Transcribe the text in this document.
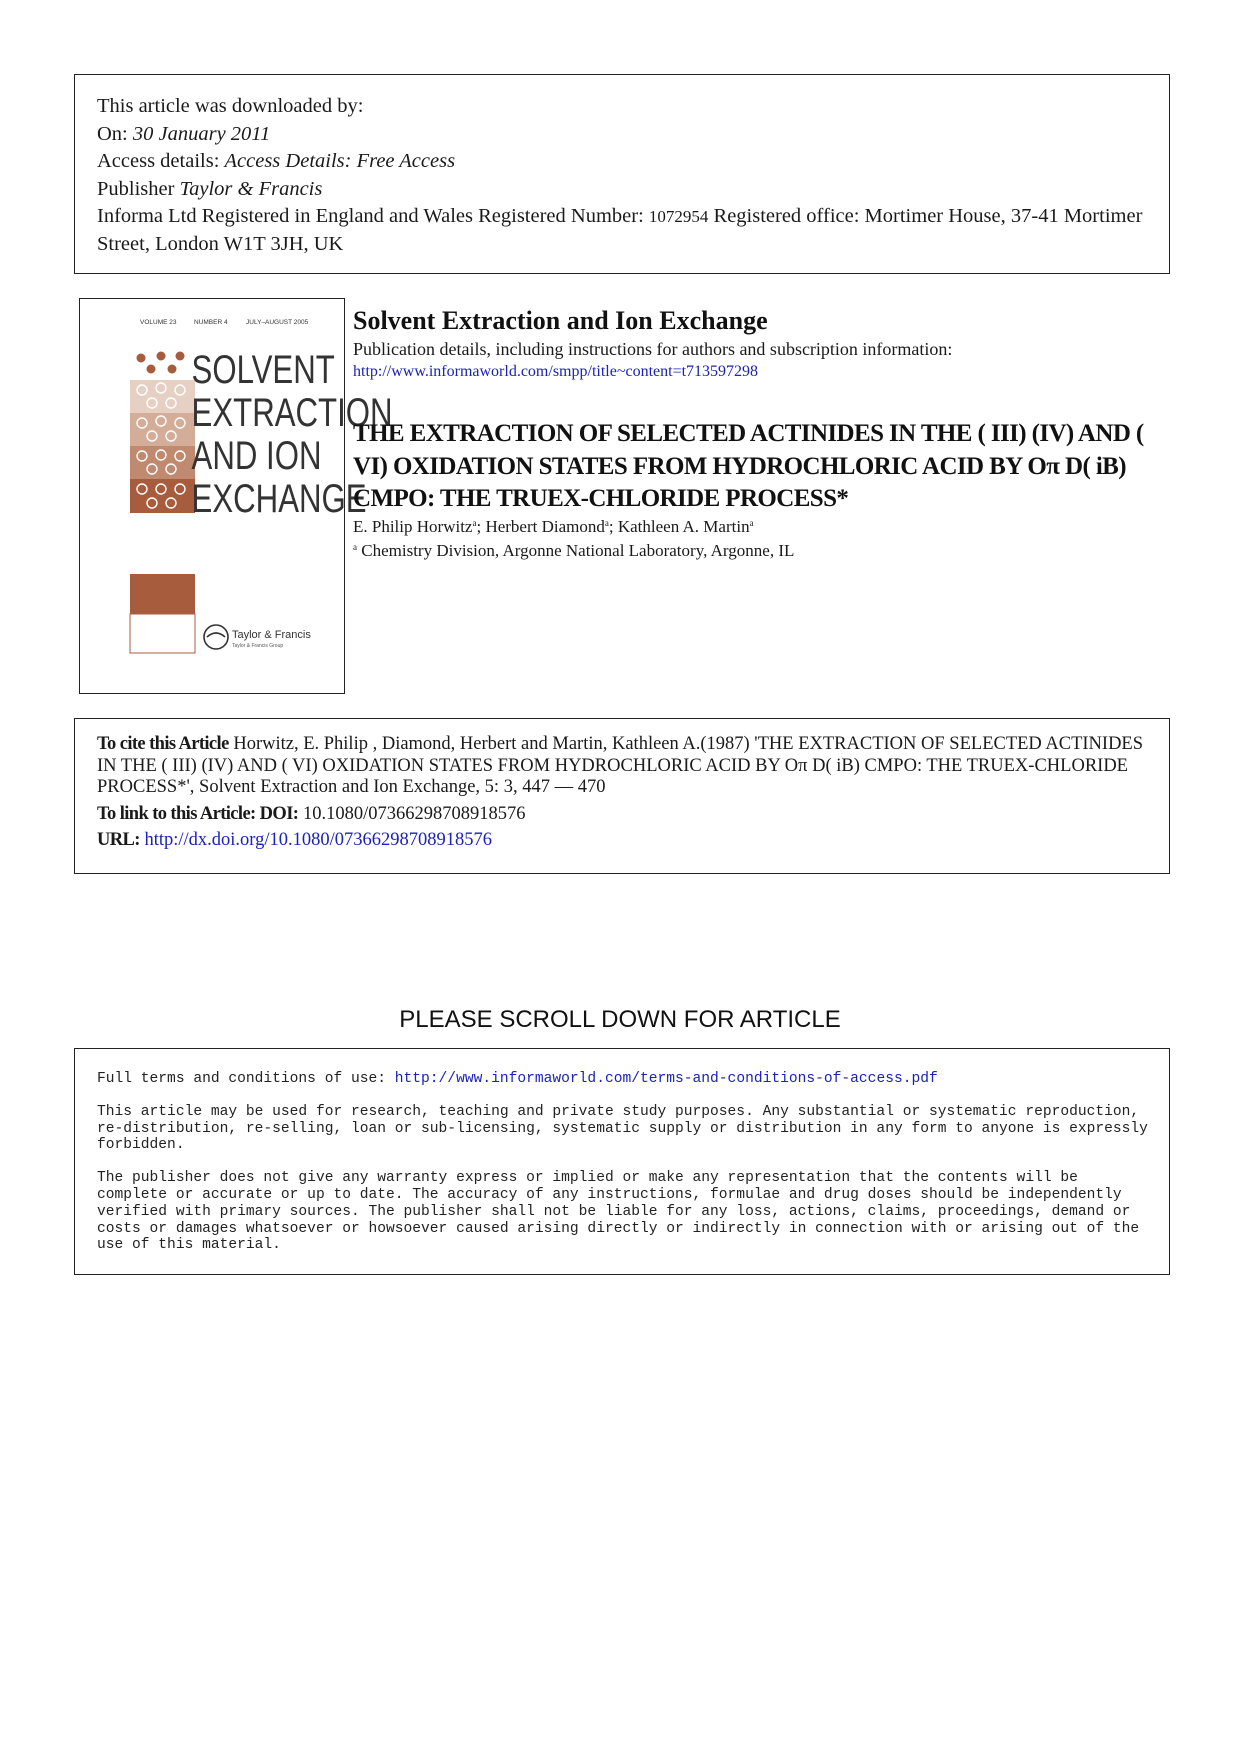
This article was downloaded by:
On: 30 January 2011
Access details: Access Details: Free Access
Publisher Taylor & Francis
Informa Ltd Registered in England and Wales Registered Number: 1072954 Registered office: Mortimer House, 37-41 Mortimer Street, London W1T 3JH, UK
VOLUME 23	NUMBER 4	JULY–AUGUST 2005
SOLVENT
EXTRACTION
AND ION
EXCHANGE
Taylor & Francis
Taylor & Francis Group
Solvent Extraction and Ion Exchange
Publication details, including instructions for authors and subscription information:
http://www.informaworld.com/smpp/title~content=t713597298
THE EXTRACTION OF SELECTED ACTINIDES IN THE ( III) (IV) AND ( VI) OXIDATION STATES FROM HYDROCHLORIC ACID BY Oπ D( iB) CMPO: THE TRUEX-CHLORIDE PROCESS*
E. Philip Horwitz$^a$; Herbert Diamond$^a$; Kathleen A. Martin$^a$
$^a$ Chemistry Division, Argonne National Laboratory, Argonne, IL
To cite this Article Horwitz, E. Philip , Diamond, Herbert and Martin, Kathleen A.(1987) 'THE EXTRACTION OF SELECTED ACTINIDES IN THE ( III) (IV) AND ( VI) OXIDATION STATES FROM HYDROCHLORIC ACID BY Oπ D( iB) CMPO: THE TRUEX-CHLORIDE PROCESS*', Solvent Extraction and Ion Exchange, 5: 3, 447 — 470
To link to this Article: DOI: 10.1080/07366298708918576
URL: http://dx.doi.org/10.1080/07366298708918576
PLEASE SCROLL DOWN FOR ARTICLE

Full terms and conditions of use: http://www.informaworld.com/terms-and-conditions-of-access.pdf

This article may be used for research, teaching and private study purposes. Any substantial or systematic reproduction, re-distribution, re-selling, loan or sub-licensing, systematic supply or distribution in any form to anyone is expressly forbidden.

The publisher does not give any warranty express or implied or make any representation that the contents will be complete or accurate or up to date. The accuracy of any instructions, formulae and drug doses should be independently verified with primary sources. The publisher shall not be liable for any loss, actions, claims, proceedings, demand or costs or damages whatsoever or howsoever caused arising directly or indirectly in connection with or arising out of the use of this material.
